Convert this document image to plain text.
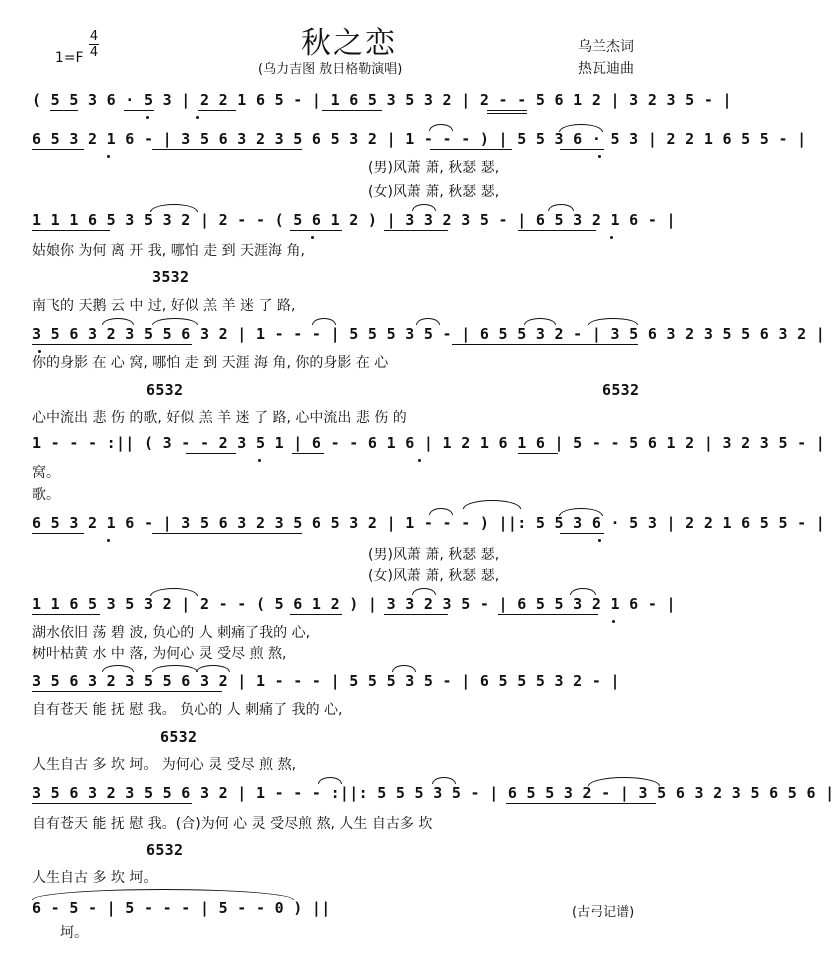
1=F

4
4	秋之恋
(乌力吉图 敖日格勒演唱)
乌兰杰词
热瓦迪曲
( 5 5 3 6 · 5 3 | 2 2 1 6 5 - | 1 6 5 3 5 3 2 | 2 - - 5 6 1 2 | 3 2 3 5 - |
6 5 3 2 1 6 - | 3 5 6 3 2 3 5 6 5 3 2 | 1 - - - ) | 5 5 3 6 · 5 3 | 2 2 1 6 5 5 - |
(男)风萧 萧, 秋瑟 瑟,
(女)风萧 萧, 秋瑟 瑟,
1 1 1 6 5 3 5 3 2 | 2 - - ( 5 6 1 2 ) | 3 3 2 3 5 - | 6 5 3 2 1 6 - |
姑娘你 为何 离 开 我, 哪怕 走 到 天涯海 角,
3532
南飞的 天鹅 云 中 过, 好似 羔 羊 迷 了 路,
3 5 6 3 2 3 5 5 6 3 2 | 1 - - - | 5 5 5 3 5 - | 6 5 5 3 2 - | 3 5 6 3 2 3 5 5 6 3 2 |
你的身影 在 心 窝, 哪怕 走 到 天涯 海 角, 你的身影 在 心
6532	6532
心中流出 悲 伤 的歌, 好似 羔 羊 迷 了 路, 心中流出 悲 伤 的
1 - - - :|| ( 3 - - 2 3 5 1 | 6 - - 6 1 6 | 1 2 1 6 1 6 | 5 - - 5 6 1 2 | 3 2 3 5 - |
窝。
歌。
6 5 3 2 1 6 - | 3 5 6 3 2 3 5 6 5 3 2 | 1 - - - ) ||: 5 5 3 6 · 5 3 | 2 2 1 6 5 5 - |
(男)风萧 萧, 秋瑟 瑟,
(女)风萧 萧, 秋瑟 瑟,
1 1 6 5 3 5 3 2 | 2 - - ( 5 6 1 2 ) | 3 3 2 3 5 - | 6 5 5 3 2 1 6 - |
湖水依旧 荡 碧 波, 负心的 人 刺痛了我的 心,
树叶枯黄 水 中 落, 为何心 灵 受尽 煎 熬,
3 5 6 3 2 3 5 5 6 3 2 | 1 - - - | 5 5 5 3 5 - | 6 5 5 5 3 2 - |
自有苍天 能 抚 慰 我。 负心的 人 刺痛了 我的 心,
6532
人生自古 多 坎 坷。 为何心 灵 受尽 煎 熬,
3 5 6 3 2 3 5 5 6 3 2 | 1 - - - :||: 5 5 5 3 5 - | 6 5 5 3 2 - | 3 5 6 3 2 3 5 6 5 6 |
自有苍天 能 抚 慰 我。(合)为何 心 灵 受尽煎 熬, 人生 自古多 坎
6532
人生自古 多 坎 坷。
6 - 5 - | 5 - - - | 5 - - 0 ) ||
坷。
(古弓记谱)
